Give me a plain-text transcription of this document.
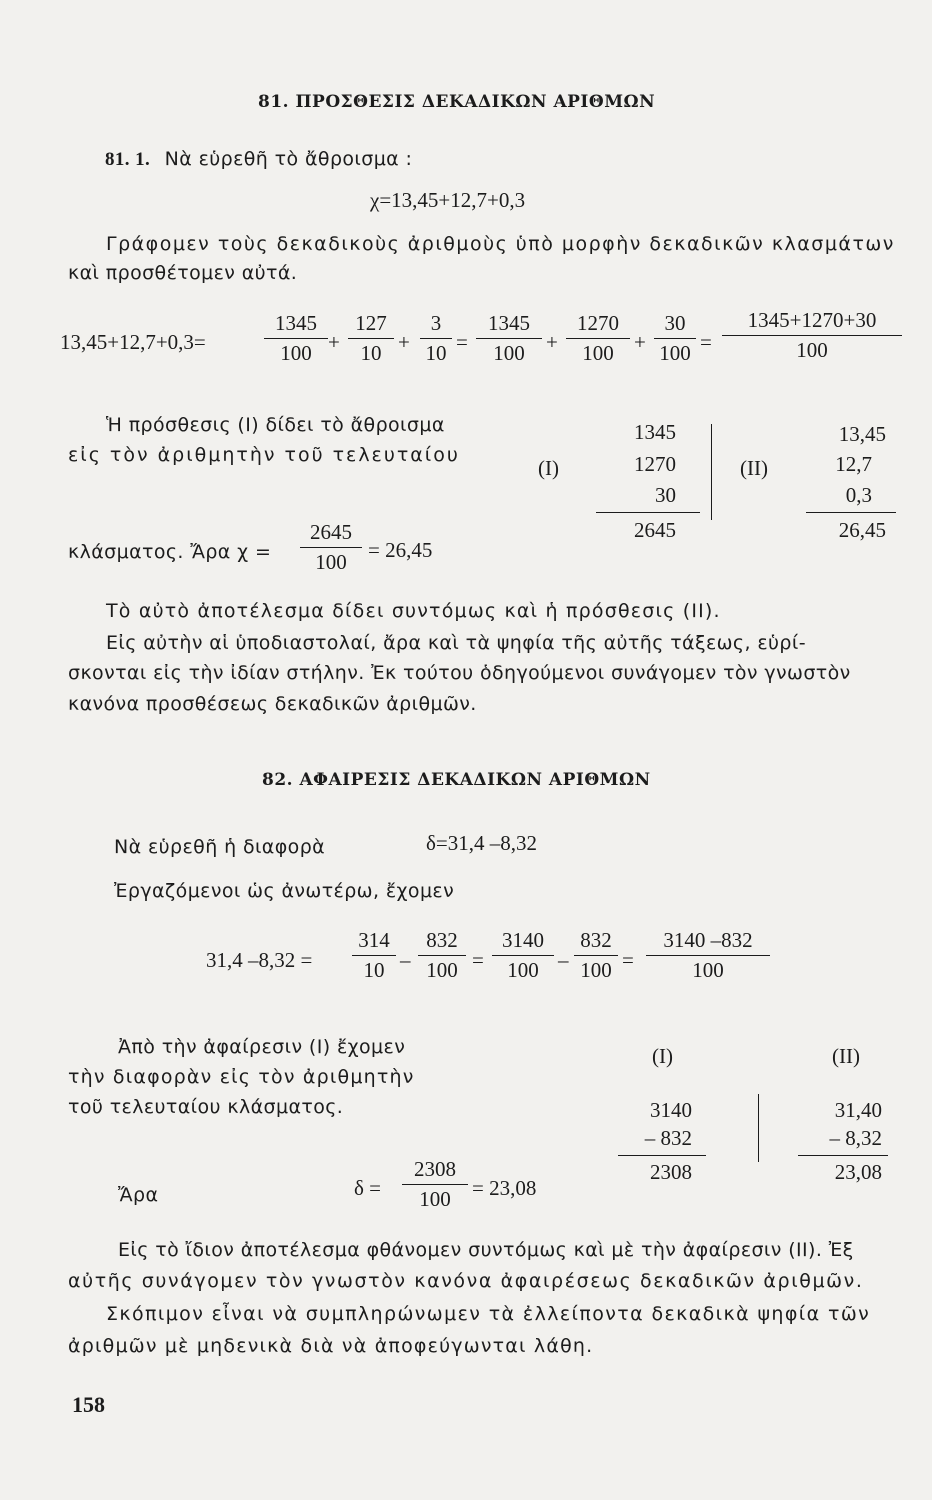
81. ΠΡΟΣΘΕΣΙΣ ΔΕΚΑΔΙΚΩΝ ΑΡΙΘΜΩΝ
81. 1. Νὰ εὑρεθῆ τὸ ἄθροισμα :
χ=13,45+12,7+0,3
Γράφομεν τοὺς δεκαδικοὺς ἀριθμοὺς ὑπὸ μορφὴν δεκαδικῶν κλασμάτων
καὶ προσθέτομεν αὐτά.
13,45+12,7+0,3=
1345
100 +
127
10 +
3
10 =
1345
100	+
1270
100 +
30
100 =
1345+1270+30
100
Ἡ πρόσθεσις (Ι) δίδει τὸ ἄθροισμα
εἰς τὸν ἀριθμητὴν τοῦ τελευταίου
(Ι)
1345
1270
30
2645
(ΙΙ)
13,45
12,7
0,3
26,45
κλάσματος. Ἄρα χ =
2645
100	= 26,45
Τὸ αὐτὸ ἀποτέλεσμα δίδει συντόμως καὶ ἡ πρόσθεσις (ΙΙ).
Εἰς αὐτὴν αἱ ὑποδιαστολαί, ἄρα καὶ τὰ ψηφία τῆς αὐτῆς τάξεως, εὑρί-
σκονται εἰς τὴν ἰδίαν στήλην. Ἐκ τούτου ὁδηγούμενοι συνάγομεν τὸν γνωστὸν
κανόνα προσθέσεως δεκαδικῶν ἀριθμῶν.
82. ΑΦΑΙΡΕΣΙΣ ΔΕΚΑΔΙΚΩΝ ΑΡΙΘΜΩΝ
Νὰ εὑρεθῆ ἡ διαφορὰ	δ=31,4 –8,32
Ἐργαζόμενοι ὡς ἀνωτέρω, ἔχομεν
31,4 –8,32 =
314
10 –
832
100 =
3140
100 –
832
100 =
3140 –832
100
Ἀπὸ τὴν ἀφαίρεσιν (Ι) ἔχομεν
τὴν διαφορὰν εἰς τὸν ἀριθμητὴν
τοῦ τελευταίου κλάσματος.
(Ι)
3140
– 832
2308
(ΙΙ)
31,40
– 8,32
23,08
Ἄρα	δ =
2308
100	= 23,08
Εἰς τὸ ἴδιον ἀποτέλεσμα φθάνομεν συντόμως καὶ μὲ τὴν ἀφαίρεσιν (ΙΙ). Ἐξ
αὐτῆς συνάγομεν τὸν γνωστὸν κανόνα ἀφαιρέσεως δεκαδικῶν ἀριθμῶν.
Σκόπιμον εἶναι νὰ συμπληρώνωμεν τὰ ἐλλείποντα δεκαδικὰ ψηφία τῶν
ἀριθμῶν μὲ μηδενικὰ διὰ νὰ ἀποφεύγωνται λάθη.
158
